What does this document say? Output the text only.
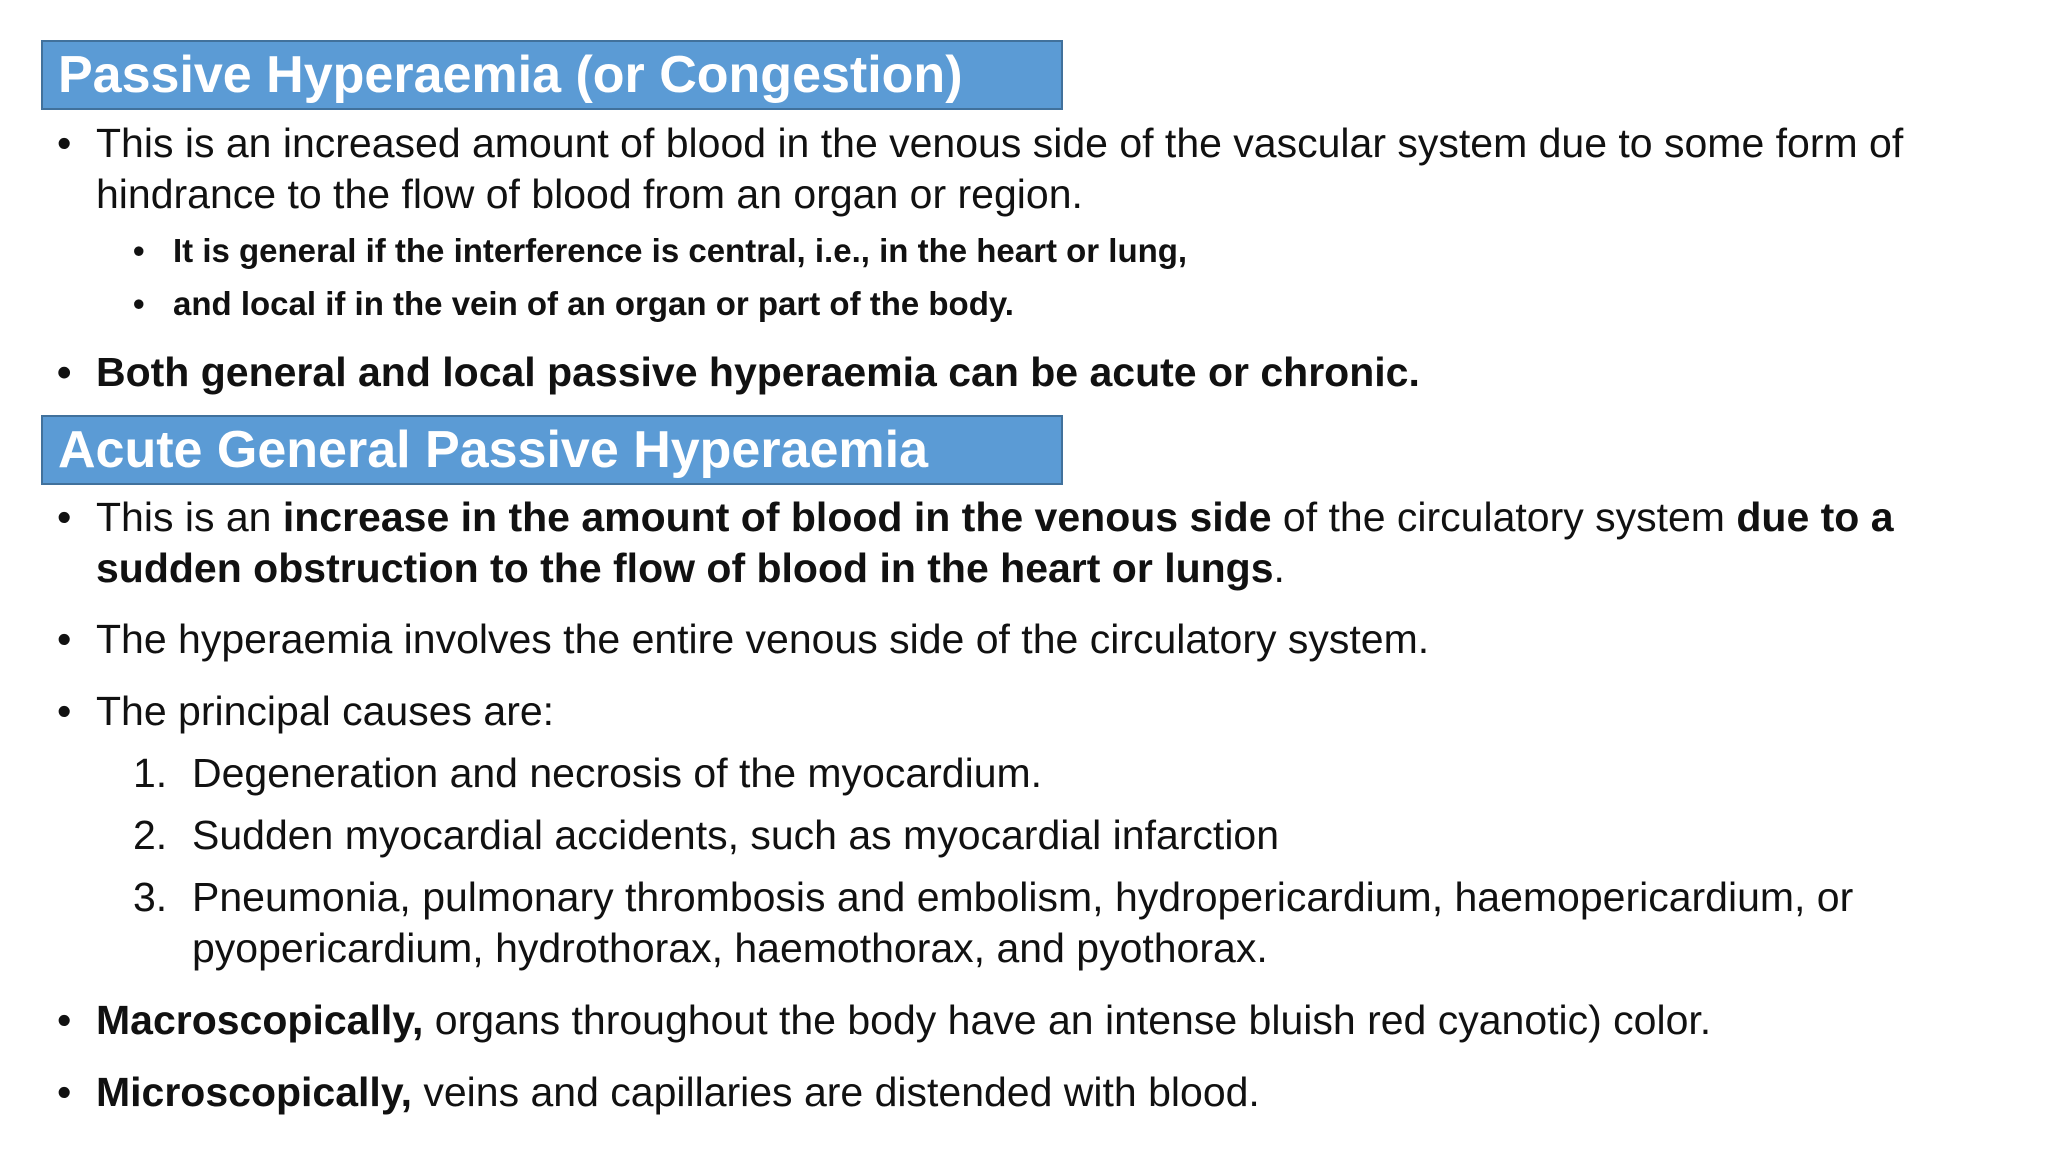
Passive Hyperaemia (or Congestion)
• This is an increased amount of blood in the venous side of the vascular system due to some form of hindrance to the flow of blood from an organ or region.
• It is general if the interference is central, i.e., in the heart or lung,
• and local if in the vein of an organ or part of the body.
• Both general and local passive hyperaemia can be acute or chronic.
Acute General Passive Hyperaemia
• This is an increase in the amount of blood in the venous side of the circulatory system due to a sudden obstruction to the flow of blood in the heart or lungs.
• The hyperaemia involves the entire venous side of the circulatory system.
• The principal causes are:
1. Degeneration and necrosis of the myocardium.
2. Sudden myocardial accidents, such as myocardial infarction
3. Pneumonia, pulmonary thrombosis and embolism, hydropericardium, haemopericardium, or pyopericardium, hydrothorax, haemothorax, and pyothorax.
• Macroscopically, organs throughout the body have an intense bluish red cyanotic) color.
• Microscopically, veins and capillaries are distended with blood.
